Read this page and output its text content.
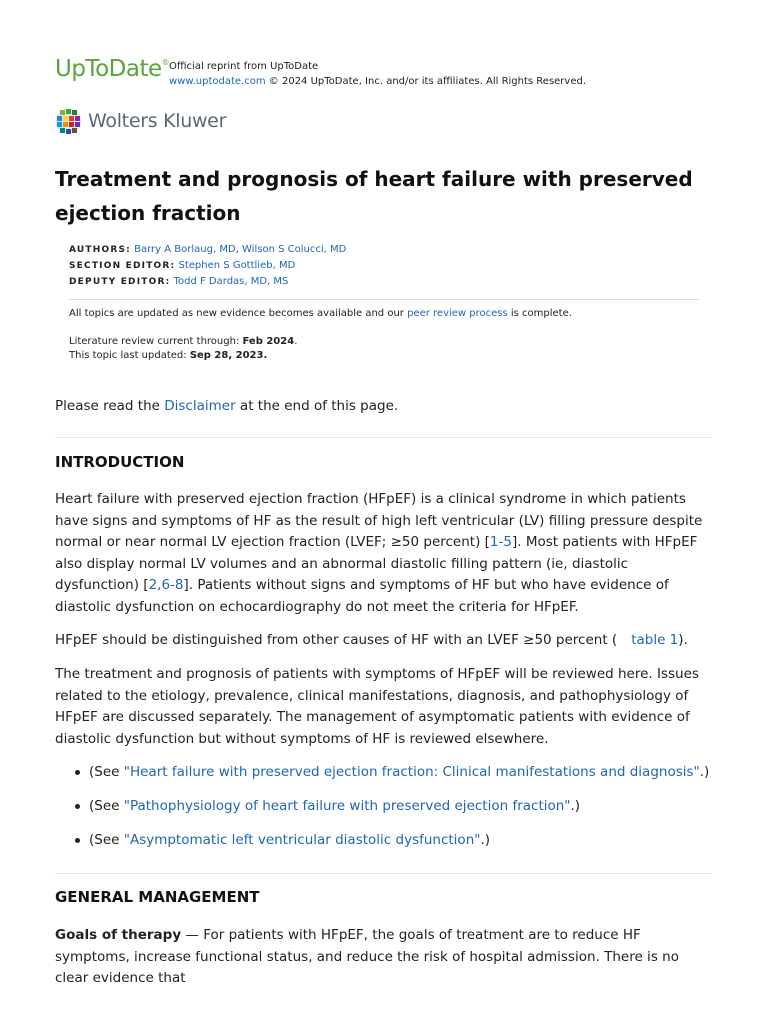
UpToDate® Official reprint from UpToDate
www.uptodate.com © 2024 UpToDate, Inc. and/or its affiliates. All Rights Reserved.
Wolters Kluwer
Treatment and prognosis of heart failure with preserved ejection fraction
AUTHORS: Barry A Borlaug, MD, Wilson S Colucci, MD
SECTION EDITOR: Stephen S Gottlieb, MD
DEPUTY EDITOR: Todd F Dardas, MD, MS
All topics are updated as new evidence becomes available and our peer review process is complete.
Literature review current through: Feb 2024.
This topic last updated: Sep 28, 2023.
Please read the Disclaimer at the end of this page.
INTRODUCTION

Heart failure with preserved ejection fraction (HFpEF) is a clinical syndrome in which patients have signs and symptoms of HF as the result of high left ventricular (LV) filling pressure despite normal or near normal LV ejection fraction (LVEF; ≥50 percent) [1-5]. Most patients with HFpEF also display normal LV volumes and an abnormal diastolic filling pattern (ie, diastolic dysfunction) [2,6-8]. Patients without signs and symptoms of HF but who have evidence of diastolic dysfunction on echocardiography do not meet the criteria for HFpEF.

HFpEF should be distinguished from other causes of HF with an LVEF ≥50 percent ( table 1).

The treatment and prognosis of patients with symptoms of HFpEF will be reviewed here. Issues related to the etiology, prevalence, clinical manifestations, diagnosis, and pathophysiology of HFpEF are discussed separately. The management of asymptomatic patients with evidence of diastolic dysfunction but without symptoms of HF is reviewed elsewhere.

(See "Heart failure with preserved ejection fraction: Clinical manifestations and diagnosis".)
(See "Pathophysiology of heart failure with preserved ejection fraction".)
(See "Asymptomatic left ventricular diastolic dysfunction".)
GENERAL MANAGEMENT

Goals of therapy — For patients with HFpEF, the goals of treatment are to reduce HF symptoms, increase functional status, and reduce the risk of hospital admission. There is no clear evidence that
